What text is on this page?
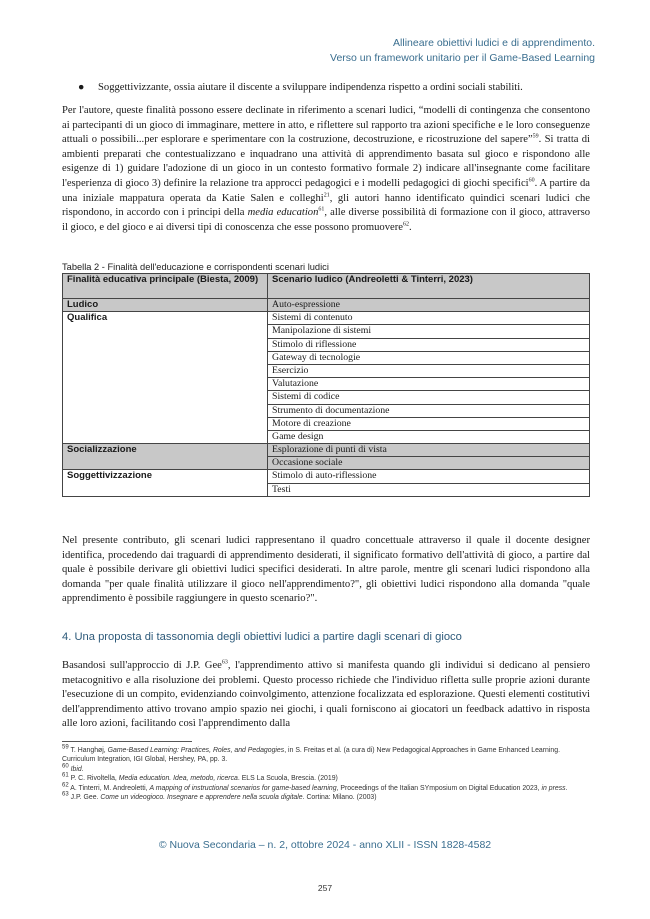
Allineare obiettivi ludici e di apprendimento.
Verso un framework unitario per il Game-Based Learning
● Soggettivizzante, ossia aiutare il discente a sviluppare indipendenza rispetto a ordini sociali stabiliti.
Per l'autore, queste finalità possono essere declinate in riferimento a scenari ludici, “modelli di contingenza che consentono ai partecipanti di un gioco di immaginare, mettere in atto, e riflettere sul rapporto tra azioni specifiche e le loro conseguenze attuali o possibili...per esplorare e sperimentare con la costruzione, decostruzione, e ricostruzione del sapere”$^{59}$. Si tratta di ambienti preparati che contestualizzano e inquadrano una attività di apprendimento basata sul gioco e rispondono alle esigenze di 1) guidare l'adozione di un gioco in un contesto formativo formale 2) indicare all'insegnante come facilitare l'esperienza di gioco 3) definire la relazione tra approcci pedagogici e i modelli pedagogici di giochi specifici$^{60}$. A partire da una iniziale mappatura operata da Katie Salen e colleghi$^{21}$, gli autori hanno identificato quindici scenari ludici che rispondono, in accordo con i principi della media education$^{61}$, alle diverse possibilità di formazione con il gioco, attraverso il gioco, e del gioco e ai diversi tipi di conoscenza che esse possono promuovere$^{62}$.
Tabella 2 - Finalità dell'educazione e corrispondenti scenari ludici
Finalità educativa principale (Biesta, 2009)	Scenario ludico (Andreoletti & Tinterri, 2023)
Ludico	Auto-espressione
Qualifica	Sistemi di contenuto
	Manipolazione di sistemi
	Stimolo di riflessione
	Gateway di tecnologie
	Esercizio
	Valutazione
	Sistemi di codice
	Strumento di documentazione
	Motore di creazione
	Game design
Socializzazione	Esplorazione di punti di vista
	Occasione sociale
Soggettivizzazione	Stimolo di auto-riflessione
	Testi
Nel presente contributo, gli scenari ludici rappresentano il quadro concettuale attraverso il quale il docente designer identifica, procedendo dai traguardi di apprendimento desiderati, il significato formativo dell'attività di gioco, a partire dal quale è possibile derivare gli obiettivi ludici specifici desiderati. In altre parole, mentre gli scenari ludici rispondono alla domanda "per quale finalità utilizzare il gioco nell'apprendimento?", gli obiettivi ludici rispondono alla domanda "quale apprendimento è possibile raggiungere in questo scenario?".
4. Una proposta di tassonomia degli obiettivi ludici a partire dagli scenari di gioco
Basandosi sull'approccio di J.P. Gee$^{63}$, l'apprendimento attivo si manifesta quando gli individui si dedicano al pensiero metacognitivo e alla risoluzione dei problemi. Questo processo richiede che l'individuo rifletta sulle proprie azioni durante l'esecuzione di un compito, evidenziando coinvolgimento, attenzione focalizzata ed esplorazione. Questi elementi costitutivi dell'apprendimento attivo trovano ampio spazio nei giochi, i quali forniscono ai giocatori un feedback adattivo in risposta alle loro azioni, facilitando così l'apprendimento dalla

$^{59}$ T. Hanghøj, Game-Based Learning: Practices, Roles, and Pedagogies, in S. Freitas et al. (a cura di) New Pedagogical Approaches in Game Enhanced Learning. Curriculum Integration, IGI Global, Hershey, PA, pp. 3.

$^{60}$ Ibid.

$^{61}$ P. C. Rivoltella, Media education. Idea, metodo, ricerca. ELS La Scuola, Brescia. (2019)

$^{62}$ A. Tinterri, M. Andreoletti, A mapping of instructional scenarios for game-based learning, Proceedings of the Italian SYmposium on Digital Education 2023, in press.

$^{63}$ J.P. Gee. Come un videogioco. Insegnare e apprendere nella scuola digitale. Cortina: Milano. (2003)

© Nuova Secondaria – n. 2, ottobre 2024 - anno XLII - ISSN 1828-4582
257
